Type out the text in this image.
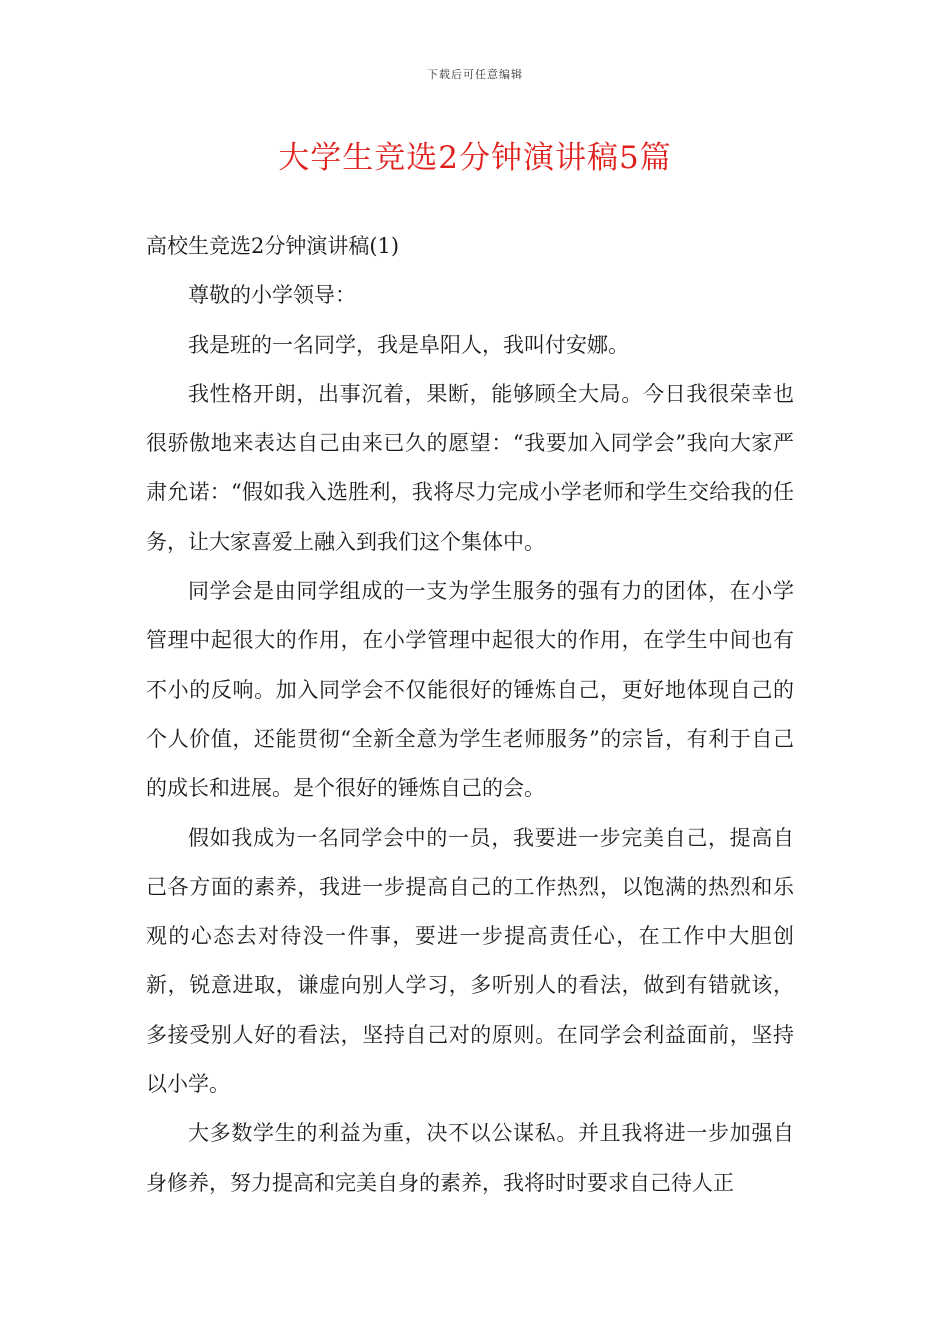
下载后可任意编辑
大学生竞选2分钟演讲稿5篇

高校生竞选2分钟演讲稿(1)

尊敬的小学领导：

我是班的一名同学，我是阜阳人，我叫付安娜。

我性格开朗，出事沉着，果断，能够顾全大局。今日我很荣幸也很骄傲地来表达自己由来已久的愿望：“我要加入同学会”我向大家严肃允诺：“假如我入选胜利，我将尽力完成小学老师和学生交给我的任务，让大家喜爱上融入到我们这个集体中。

同学会是由同学组成的一支为学生服务的强有力的团体，在小学管理中起很大的作用，在小学管理中起很大的作用，在学生中间也有不小的反响。加入同学会不仅能很好的锤炼自己，更好地体现自己的个人价值，还能贯彻“全新全意为学生老师服务”的宗旨，有利于自己的成长和进展。是个很好的锤炼自己的会。

假如我成为一名同学会中的一员，我要进一步完美自己，提高自己各方面的素养，我进一步提高自己的工作热烈，以饱满的热烈和乐观的心态去对待没一件事，要进一步提高责任心，在工作中大胆创新，锐意进取，谦虚向别人学习，多听别人的看法，做到有错就该，多接受别人好的看法，坚持自己对的原则。在同学会利益面前，坚持以小学。

大多数学生的利益为重，决不以公谋私。并且我将进一步加强自身修养，努力提高和完美自身的素养，我将时时要求自己待人正
